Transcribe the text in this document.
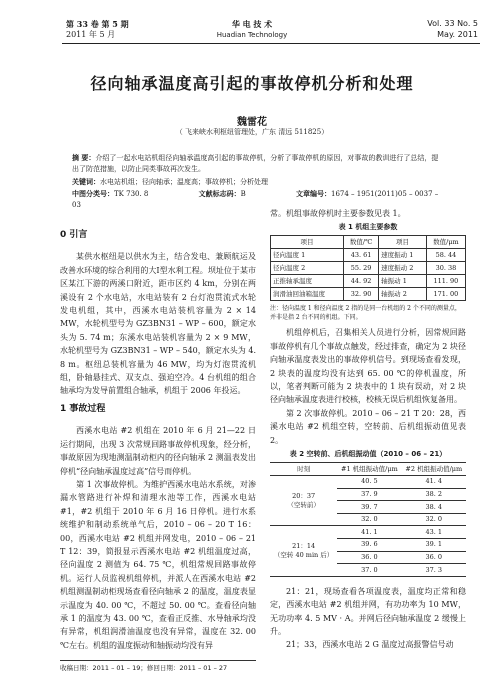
第 33 卷 第 5 期
2011 年 5 月
华 电 技 术
Huadian Technology
Vol. 33 No. 5
May. 2011
径向轴承温度高引起的事故停机分析和处理
魏雷花
（ 飞来峡水利枢纽管理处，广东 清远 511825）
摘 要：介绍了一起水电站机组径向轴承温度高引起的事故停机，分析了事故停机的原因，对事故的教训进行了总结，提
出了防范措施，以防止同类事故再次发生。
关键词：水电站机组；径向轴承；温度高；事故停机；分析处理
中图分类号：TK 730. 8	文献标志码：B	文章编号：1674 – 1951(2011)05 – 0037 – 03
0 引言

某供水枢纽是以供水为主，结合发电、兼顾航运及改善水环境的综合利用的大Ⅰ型水利工程。坝址位于某市区某江下游的两溪口附近，距市区约 4 km，分别在两溪设有 2 个水电站，水电站装有 2 台灯泡贯流式水轮发电机组，其中，西溪水电站装机容量为 2 × 14 MW，水轮机型号为 GZ3BN31 – WP – 600，额定水头为 5. 74 m；东溪水电站装机容量为 2 × 9 MW，水轮机型号为 GZ3BN31 – WP – 540，额定水头为 4. 8 m。枢纽总装机容量为 46 MW，均为灯泡贯流机组，卧轴悬挂式、双支点、强迫空冷。4 台机组的组合轴承均为发导前置组合轴承，机组于 2006 年投运。

1 事故过程

西溪水电站 #2 机组在 2010 年 6 月 21—22 日运行期间，出现 3 次常规回路事故停机现象，经分析，事故原因为现地测温制动柜内的径向轴承 2 测温表发出停机“径向轴承温度过高”信号而停机。

第 1 次事故停机。为维护西溪水电站水系统，对渗漏水管路进行补焊和清理水池等工作，西溪水电站 #1，#2 机组于 2010 年 6 月 16 日停机。进行水系统维护和制动系统单气后，2010 – 06 – 20 T 16：00，西溪水电站 #2 机组并网发电，2010 – 06 – 21 T 12：39，简报显示西溪水电站 #2 机组温度过高，径向温度 2 测值为 64. 75 ℃，机组常规回路事故停机。运行人员监视机组停机，并派人在西溪水电站 #2 机组测温制动柜现场查看径向轴承 2 的温度，温度表显示温度为 40. 00 ℃，不超过 50. 00 ℃。查看径向轴承 1 的温度为 43. 00 ℃，查看正反推、水导轴承均没有异常，机组润滑油温度也没有异常，温度在 32. 00 ℃左右。机组的温度振动和轴振动均没有异

常。机组事故停机时主要参数见表 1。

表 1 机组主要参数
项目	数值/℃	项目	数值/μm
径向温度 1	43. 61	速度振动 1	58. 44
径向温度 2	55. 29	速度振动 2	30. 38
正推轴承温度	44. 92	轴振动 1	111. 90
润滑油回油箱温度	32. 90	轴振动 2	171. 00
注：径向温度 1 和径向温度 2 指的是同一台机组的 2 个不同的测量点，并非是指 2 台不同的机组。下同。

机组停机后，召集相关人员进行分析，因常规回路事故停机有几个事故点触发，经过排查，确定为 2 块径向轴承温度表发出的事故停机信号。到现场查看发现，2 块表的温度均没有达到 65. 00 ℃的停机温度，所以，笔者判断可能为 2 块表中的 1 块有误动，对 2 块径向轴承温度表进行校核，校核无误后机组恢复备用。

第 2 次事故停机。2010 – 06 – 21 T 20：28，西溪水电站 #2 机组空转，空转前、后机组振动值见表 2。

表 2 空转前、后机组振动值（2010 – 06 – 21）
时刻	#1 机组振动值/μm	#2 机组振动值/μm
20：37
（空转前）	40. 5	41. 4
	37. 9	38. 2
	39. 7	38. 4
	32. 0	32. 0
21：14
（空转 40 min 后）	41. 1	43. 1
	39. 6	39. 1
	36. 0	36. 0
	37. 0	37. 3

21：21，现场查看各项温度表，温度均正常和稳定，西溪水电站 #2 机组并网，有功功率为 10 MW，无功功率 4. 5 MV · A。并网后径向轴承温度 2 缓慢上升。

21；33，西溪水电站 2 G 温度过高报警信号动

收稿日期：2011 – 01 – 19；修回日期：2011 – 01 – 27
